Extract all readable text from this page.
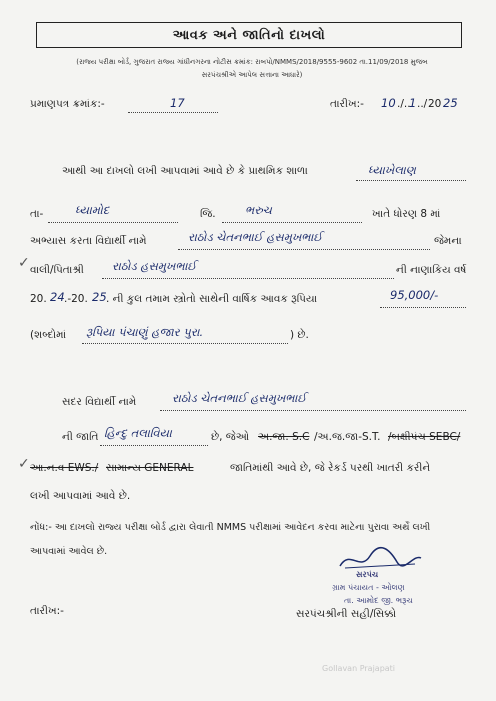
આવક અને જાતિનો દાખલો
(રાજ્ય પરીક્ષા બોર્ડ, ગુજરાત રાજ્ય ગાંધીનગરના નોટીસ ક્રમાંક: રાબપો/NMMS/2018/9555-9602 તા.11/09/2018 મુજબ
સરપંચશ્રીએ આપેલ સત્તાના આધારે)
પ્રમાણપત્ર ક્રમાંક:-	17	તારીખ:- 10 ./..
1 ../ 20 25
આથી આ દાખલો લખી આપવામાં આવે છે કે પ્રાથમિક શાળા	ધ્યાખેલાણ
તા-	ધ્યામોદ	જિ.	ભરુચ	ખાતે ધોરણ 8 માં
અભ્યાસ કરતા વિદ્યાર્થી નામે	રાઠોડ ચેતનભાઈ હસમુખભાઈ	જેમના
✓ વાલી/પિતાશ્રી રાઠોડ હસમુખભાઈ	ની નાણાકિય વર્ષ
20. 24 .-20. 25 . ની કુલ તમામ સ્ત્રોતો સાથેની વાર્ષિક આવક રૂપિયા	95,000/-
(શબ્દોમાં રૂપિયા પંચાણું હજાર પુરા.	) છે.
સદર વિદ્યાર્થી નામે	રાઠોડ ચેતનભાઈ હસમુખભાઈ
ની જાતિ હિન્દુ તલાવિયા	છે, જેઓ અ.જા. S.C /અ.જ.જા-S.T. /બક્ષીપંચ SEBC/
✓ આ.ન.વ EWS./ સામાન્ય GENERAL	જાતિમાંથી આવે છે, જે રેકર્ડ પરથી ખાતરી કરીને
લખી આપવામાં આવે છે.
નોંધ:- આ દાખલો રાજ્ય પરીક્ષા બોર્ડ દ્વારા લેવાતી NMMS પરીક્ષામાં આવેદન કરવા માટેના પુરાવા અર્થે લખી
આપવામાં આવેલ છે.
સરપંચ
ગ્રામ પંચાયત - ઓલણ
તા. આમોદ જી. ભરૂચ
તારીખ:-	સરપંચશ્રીની સહી/સિક્કો
Gollavan Prajapati
